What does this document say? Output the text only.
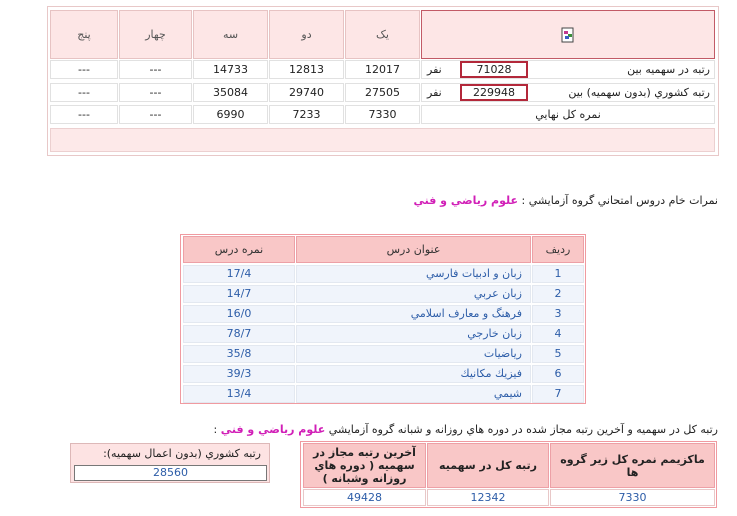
یک
دو
سه
چهار
پنج
رتبه در سهمیه بین
نفر	71028
12017
12813
14733
---
---
رتبه کشوري (بدون سهمیه) بین
نفر	229948
27505
29740
35084
---
---
نمره کل نهايي
7330
7233
6990
---
---
نمرات خام دروس امتحاني گروه آزمايشي : علوم رياضي و فني
رديف
عنوان درس
نمره درس
1
زبان و ادبيات فارسي
17/4
2
زبان عربي
14/7
3
فرهنگ و معارف اسلامي
16/0
4
زبان خارجي
78/7
5
رياضيات
35/8
6
فيزيك مكانيك
39/3
7
شيمي
13/4
رتبه کل در سهمیه و آخرين رتبه مجاز شده در دوره هاي روزانه و شبانه گروه آزمايشي علوم رياضي و فني :
رتبه کشوري (بدون اعمال سهمیه):
28560
ماكزيمم نمره کل زير گروه ها
رتبه کل در سهمیه
آخرين رتبه مجاز در سهمیه ( دوره هاي روزانه وشبانه )
7330
12342
49428
